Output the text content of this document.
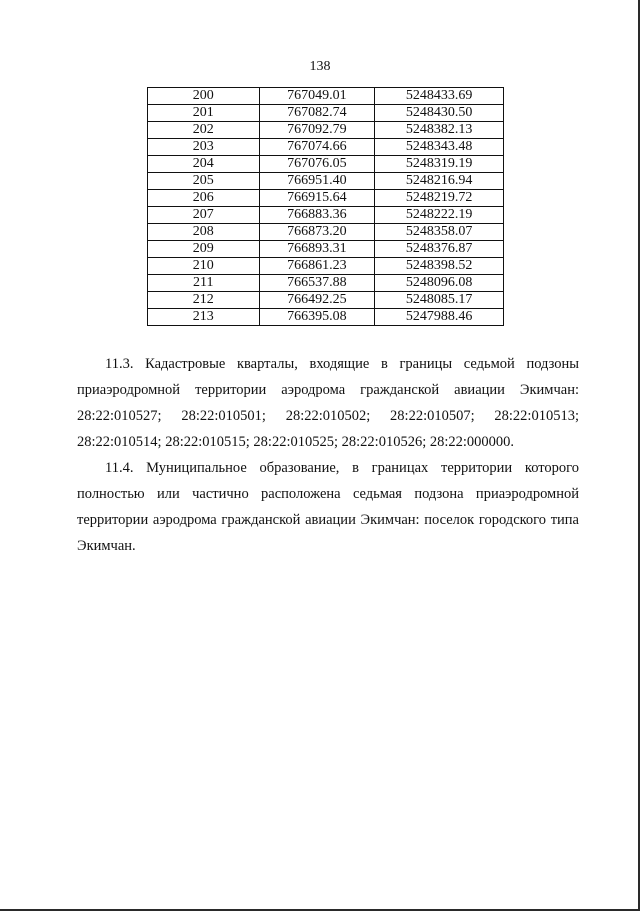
138
200	767049.01	5248433.69
201	767082.74	5248430.50
202	767092.79	5248382.13
203	767074.66	5248343.48
204	767076.05	5248319.19
205	766951.40	5248216.94
206	766915.64	5248219.72
207	766883.36	5248222.19
208	766873.20	5248358.07
209	766893.31	5248376.87
210	766861.23	5248398.52
211	766537.88	5248096.08
212	766492.25	5248085.17
213	766395.08	5247988.46
11.3. Кадастровые кварталы, входящие в границы седьмой подзоны приаэродромной территории аэродрома гражданской авиации Экимчан: 28:22:010527; 28:22:010501; 28:22:010502; 28:22:010507; 28:22:010513; 28:22:010514; 28:22:010515; 28:22:010525; 28:22:010526; 28:22:000000.
11.4. Муниципальное образование, в границах территории которого полностью или частично расположена седьмая подзона приаэродромной территории аэродрома гражданской авиации Экимчан: поселок городского типа Экимчан.
